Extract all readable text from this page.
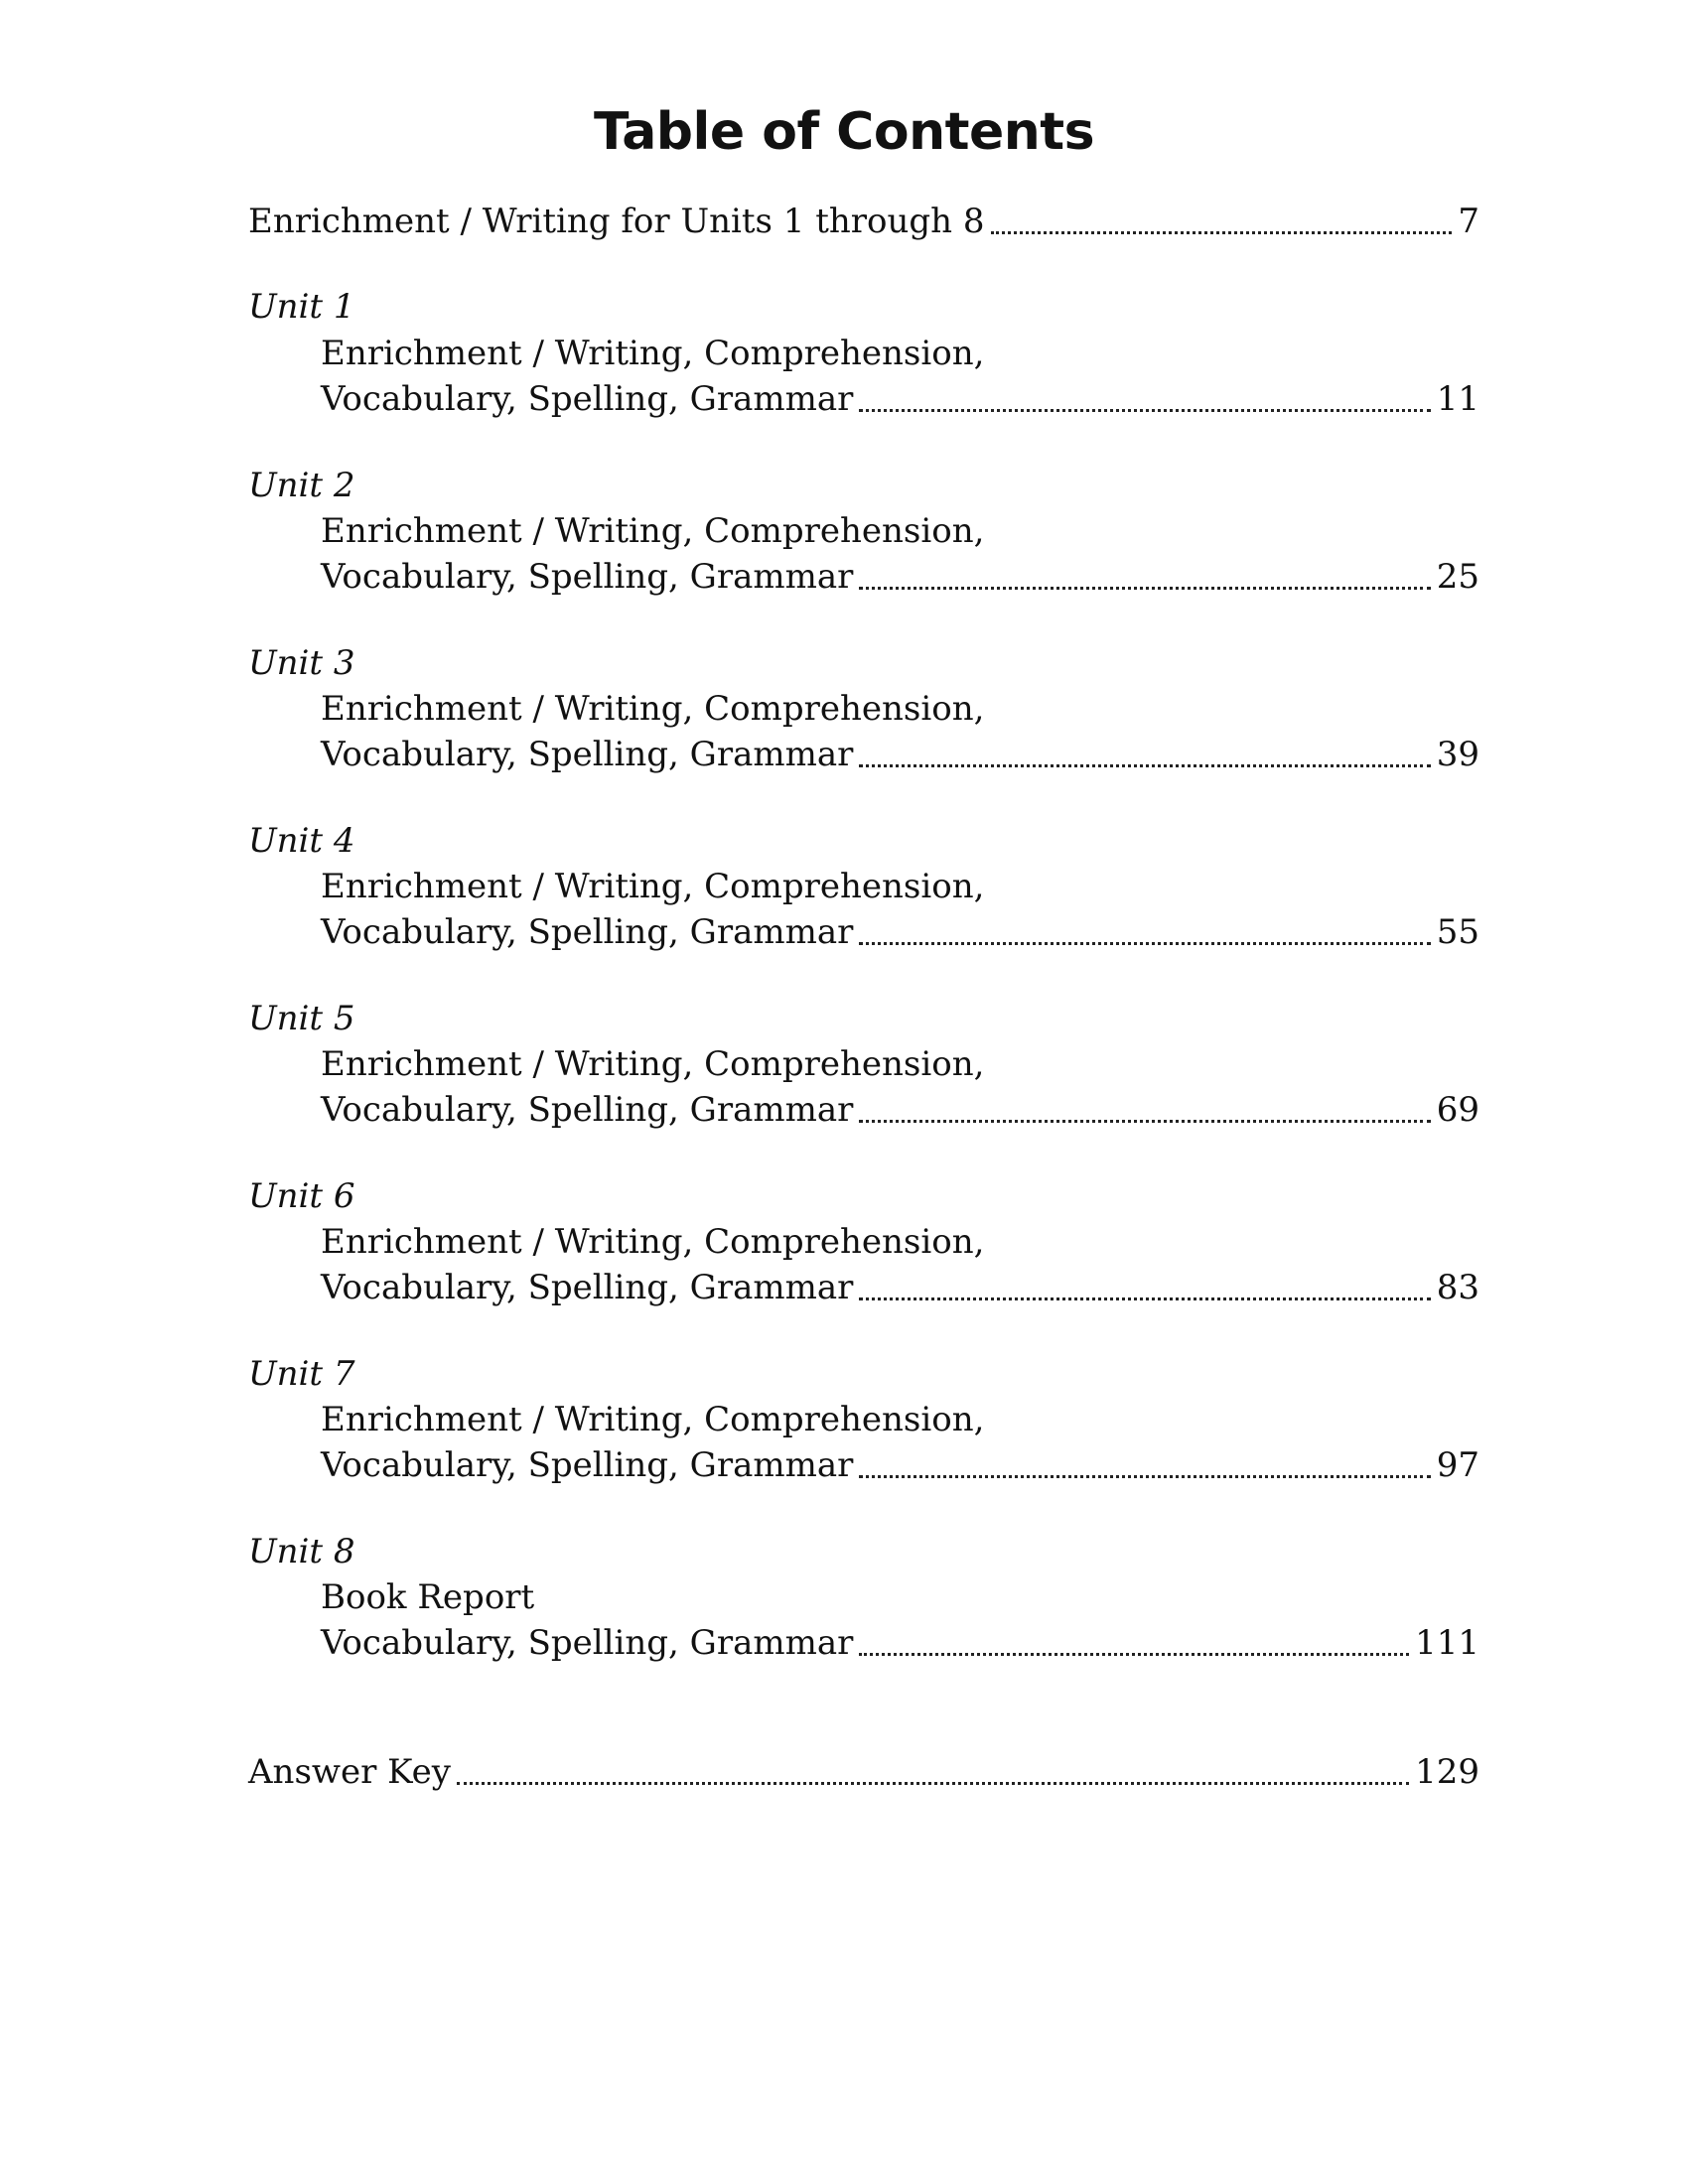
Table of Contents
Enrichment / Writing for Units 1 through 8	7
Unit 1
Enrichment / Writing, Comprehension,
Vocabulary, Spelling, Grammar	11
Unit 2
Enrichment / Writing, Comprehension,
Vocabulary, Spelling, Grammar	25
Unit 3
Enrichment / Writing, Comprehension,
Vocabulary, Spelling, Grammar	39
Unit 4
Enrichment / Writing, Comprehension,
Vocabulary, Spelling, Grammar	55
Unit 5
Enrichment / Writing, Comprehension,
Vocabulary, Spelling, Grammar	69
Unit 6
Enrichment / Writing, Comprehension,
Vocabulary, Spelling, Grammar	83
Unit 7
Enrichment / Writing, Comprehension,
Vocabulary, Spelling, Grammar	97
Unit 8
Book Report
Vocabulary, Spelling, Grammar	111
Answer Key	129
